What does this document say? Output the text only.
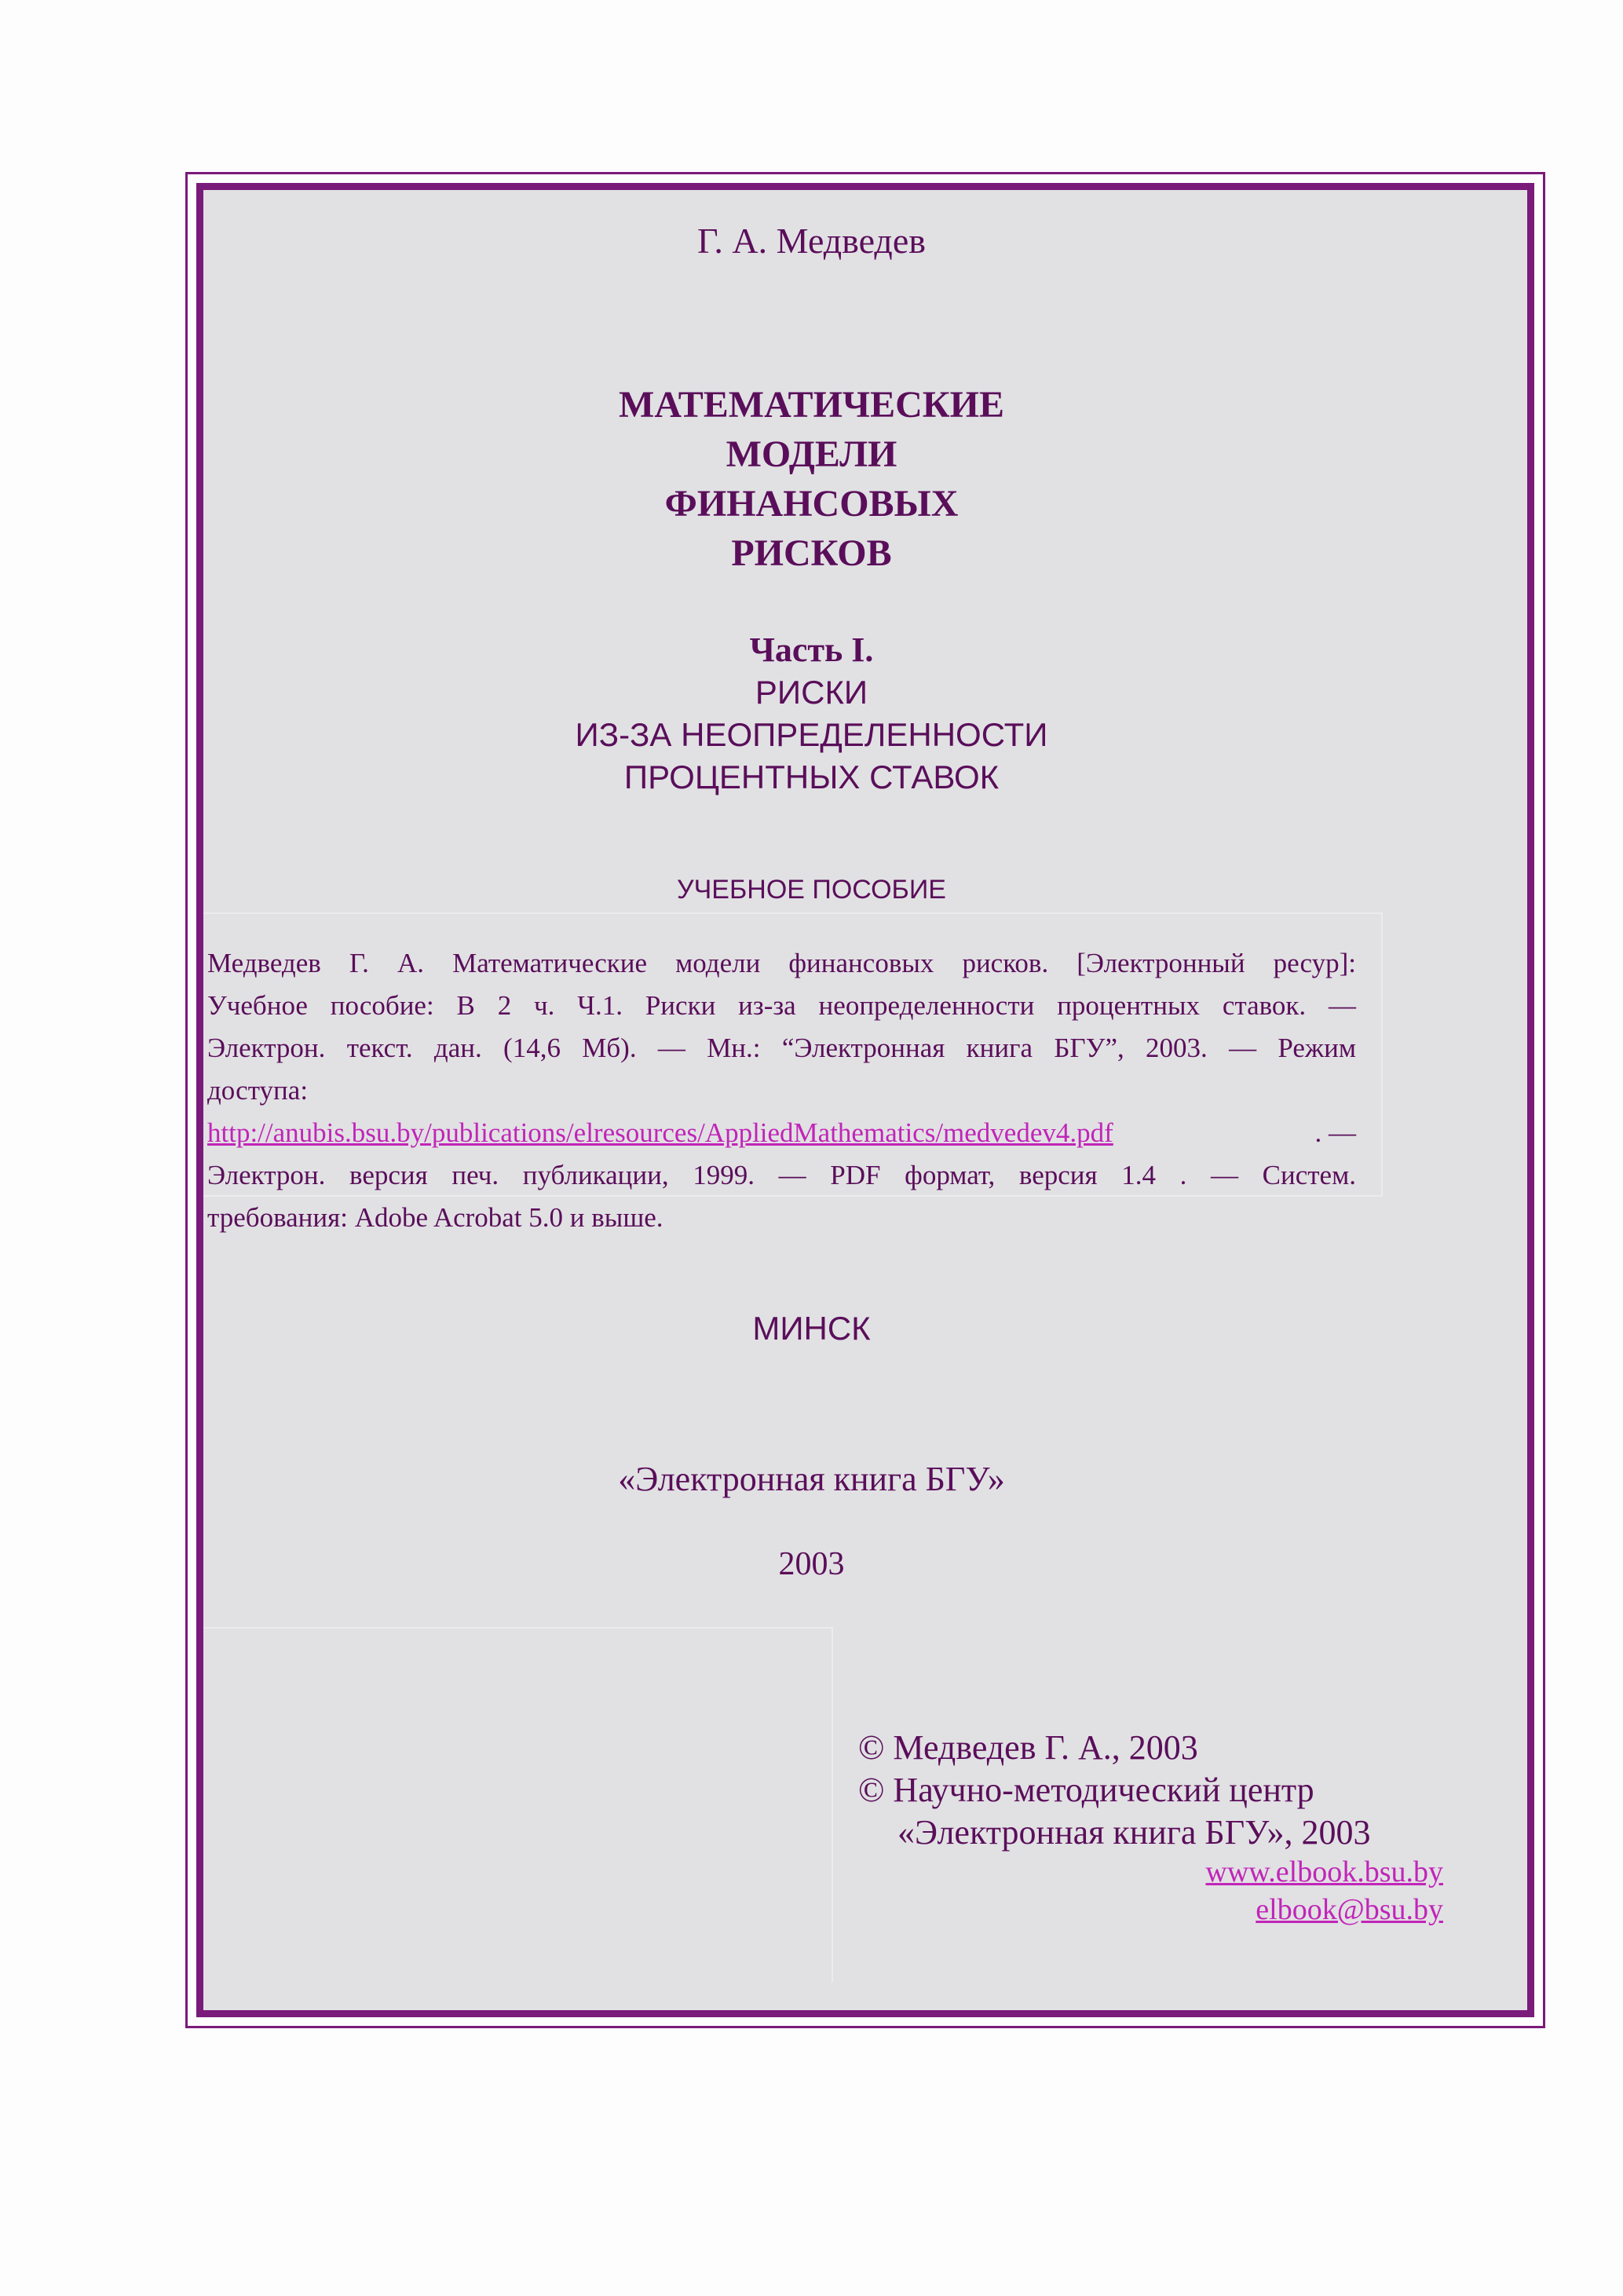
Г. А. Медведев
МАТЕМАТИЧЕСКИЕ
МОДЕЛИ
ФИНАНСОВЫХ
РИСКОВ
Часть I.
РИСКИ
ИЗ-ЗА НЕОПРЕДЕЛЕННОСТИ
ПРОЦЕНТНЫХ СТАВОК
УЧЕБНОЕ ПОСОБИЕ
Медведев Г. А. Математические модели финансовых рисков. [Электронный ресур]:
Учебное пособие: В 2 ч. Ч.1. Риски из-за неопределенности процентных ставок. —
Электрон. текст. дан. (14,6 Мб). — Мн.: “Электронная книга БГУ”, 2003. — Режим
доступа:
http://anubis.bsu.by/publications/elresources/AppliedMathematics/medvedev4.pdf	. —
Электрон. версия печ. публикации, 1999. — PDF формат, версия 1.4 . — Систем.
требования: Adobe Acrobat 5.0 и выше.
МИНСК
«Электронная книга БГУ»
2003
© Медведев Г. А., 2003
© Научно-методический центр
«Электронная книга БГУ», 2003
www.elbook.bsu.by
elbook@bsu.by
